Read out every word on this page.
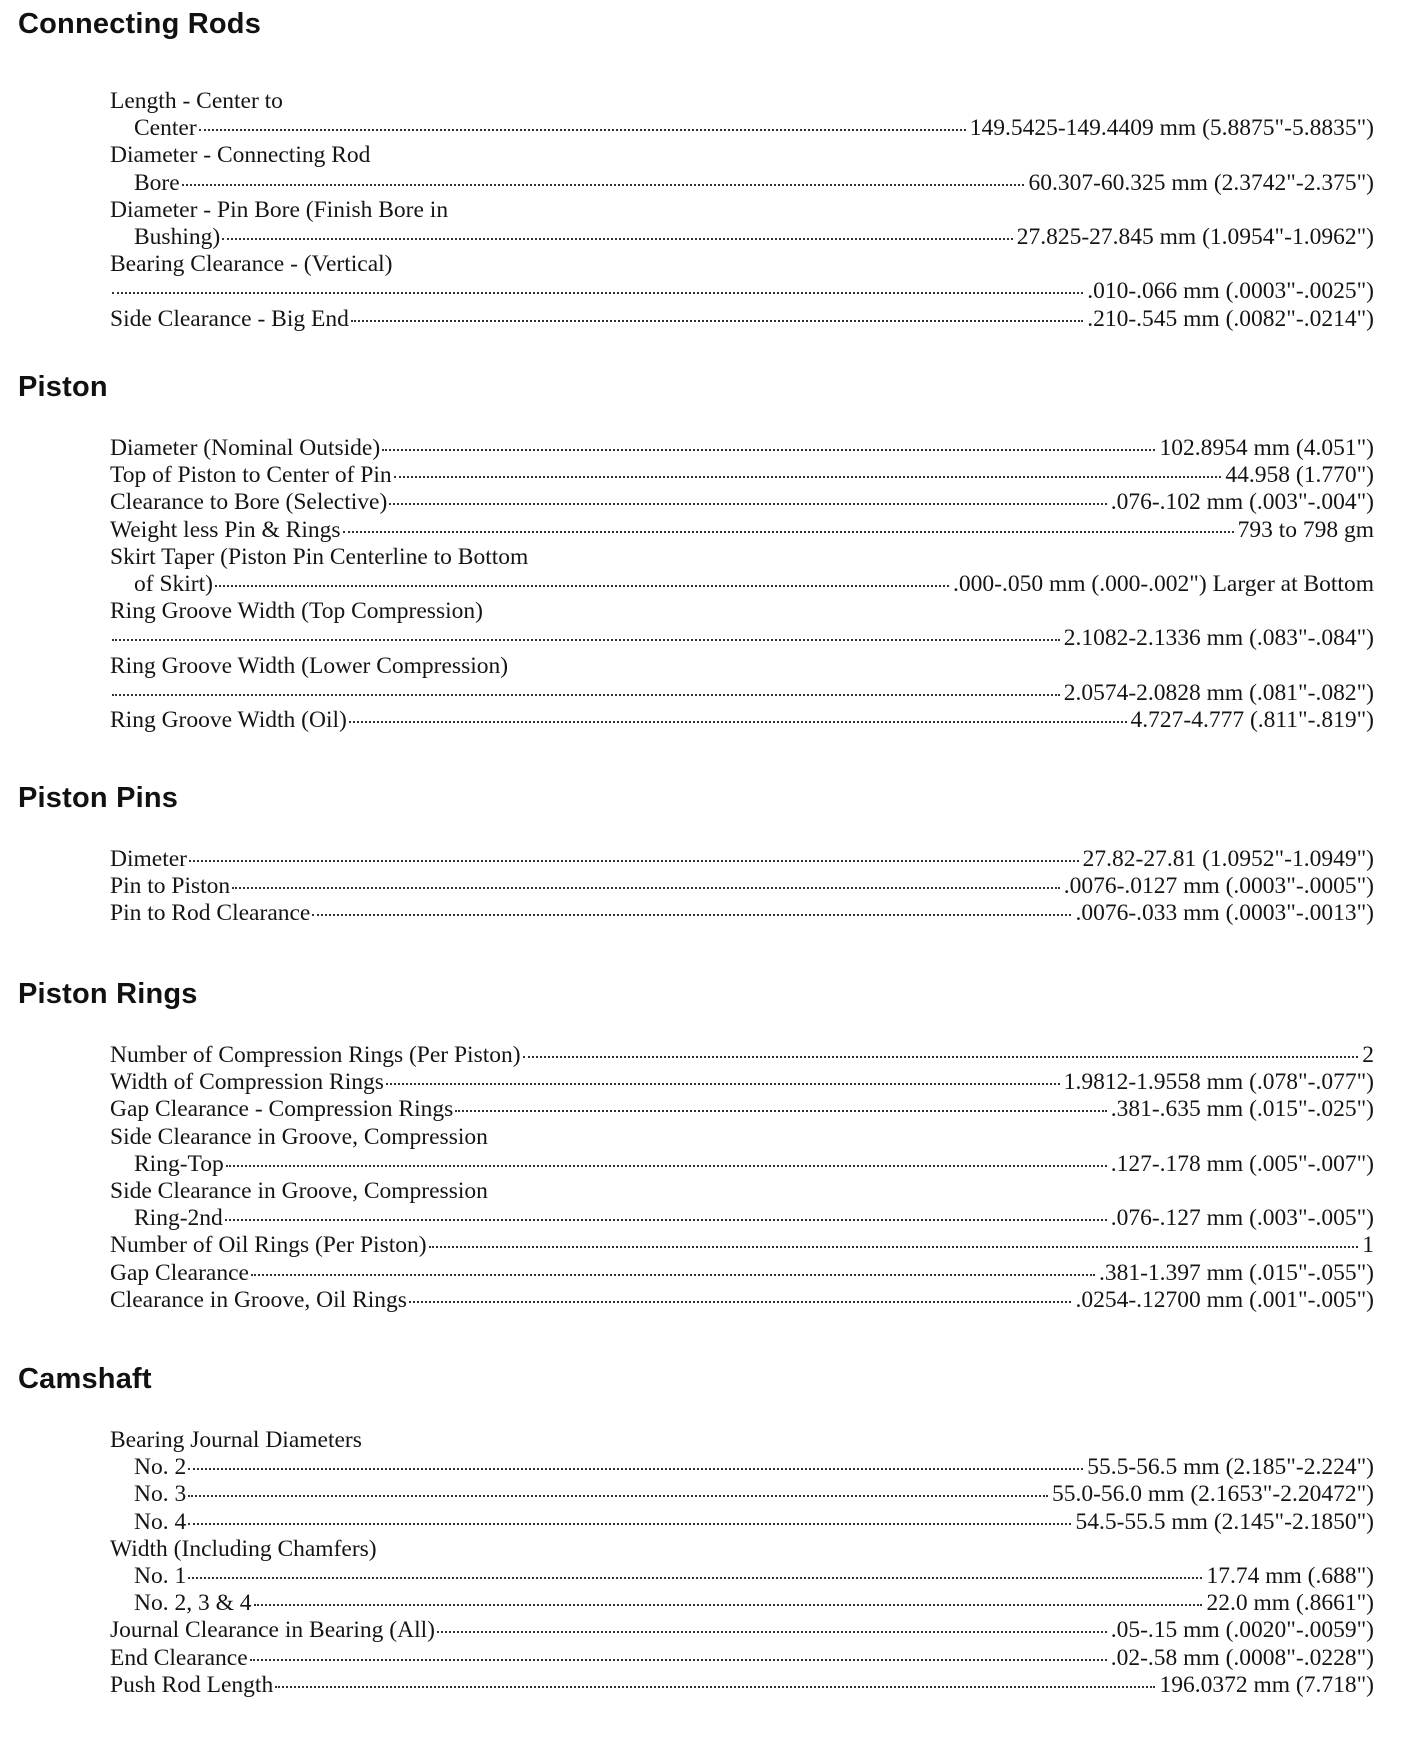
Connecting Rods
Length - Center to
Center	149.5425-149.4409 mm (5.8875"-5.8835")
Diameter - Connecting Rod
Bore	60.307-60.325 mm (2.3742"-2.375")
Diameter - Pin Bore (Finish Bore in
Bushing)	27.825-27.845 mm (1.0954"-1.0962")
Bearing Clearance - (Vertical)
.010-.066 mm (.0003"-.0025")
Side Clearance - Big End	.210-.545 mm (.0082"-.0214")
Piston
Diameter (Nominal Outside)	102.8954 mm (4.051")
Top of Piston to Center of Pin	44.958 (1.770")
Clearance to Bore (Selective)	.076-.102 mm (.003"-.004")
Weight less Pin & Rings	793 to 798 gm
Skirt Taper (Piston Pin Centerline to Bottom
of Skirt)	.000-.050 mm (.000-.002") Larger at Bottom
Ring Groove Width (Top Compression)
2.1082-2.1336 mm (.083"-.084")
Ring Groove Width (Lower Compression)
2.0574-2.0828 mm (.081"-.082")
Ring Groove Width (Oil)	4.727-4.777 (.811"-.819")
Piston Pins
Dimeter	27.82-27.81 (1.0952"-1.0949")
Pin to Piston	.0076-.0127 mm (.0003"-.0005")
Pin to Rod Clearance	.0076-.033 mm (.0003"-.0013")
Piston Rings
Number of Compression Rings (Per Piston)	2
Width of Compression Rings	1.9812-1.9558 mm (.078"-.077")
Gap Clearance - Compression Rings	.381-.635 mm (.015"-.025")
Side Clearance in Groove, Compression
Ring-Top	.127-.178 mm (.005"-.007")
Side Clearance in Groove, Compression
Ring-2nd	.076-.127 mm (.003"-.005")
Number of Oil Rings (Per Piston)	1
Gap Clearance	.381-1.397 mm (.015"-.055")
Clearance in Groove, Oil Rings	.0254-.12700 mm (.001"-.005")
Camshaft
Bearing Journal Diameters
No. 2	55.5-56.5 mm (2.185"-2.224")
No. 3	55.0-56.0 mm (2.1653"-2.20472")
No. 4	54.5-55.5 mm (2.145"-2.1850")
Width (Including Chamfers)
No. 1	17.74 mm (.688")
No. 2, 3 & 4	22.0 mm (.8661")
Journal Clearance in Bearing (All)	.05-.15 mm (.0020"-.0059")
End Clearance	.02-.58 mm (.0008"-.0228")
Push Rod Length	196.0372 mm (7.718")
